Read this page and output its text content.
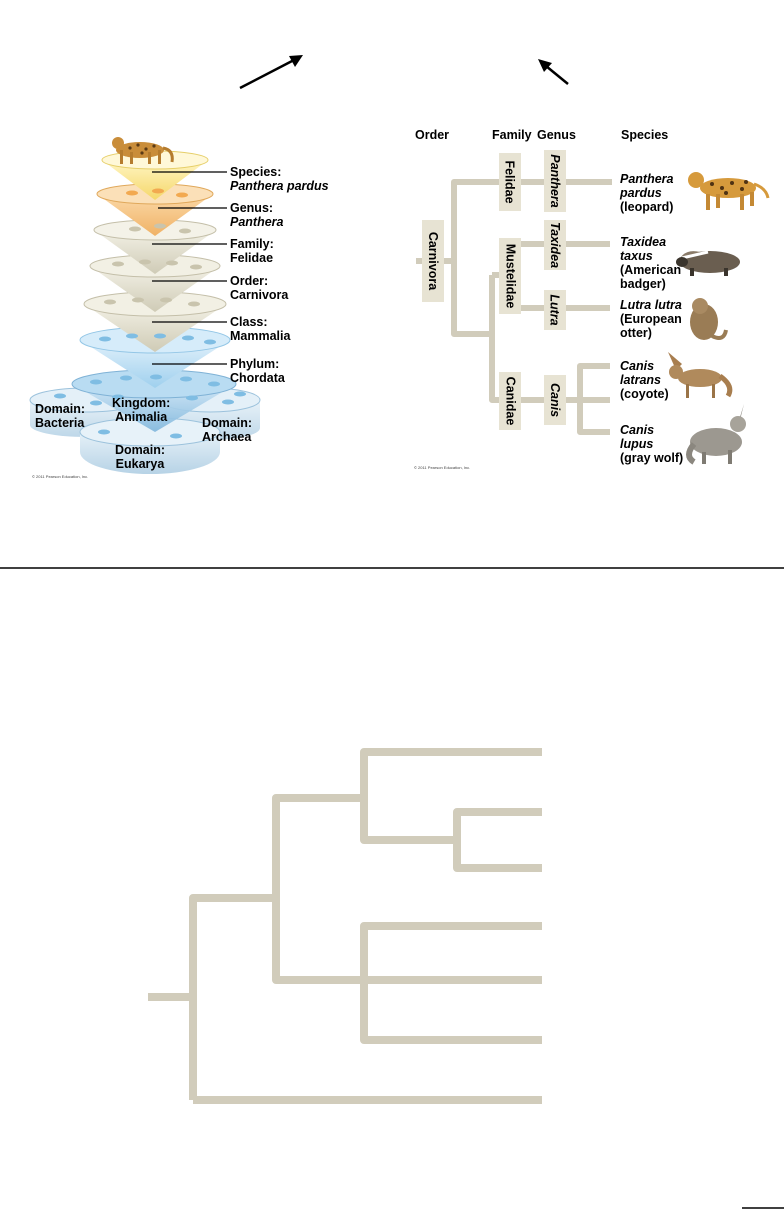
Species:
Panthera pardus
Genus:
Panthera
Family:
Felidae
Order:
Carnivora
Class:
Mammalia
Phylum:
Chordata
Domain:
Bacteria
Kingdom:
Animalia	Domain:
Archaea
Domain:
Eukarya
© 2011 Pearson Education, Inc.
Order	Family Genus	Species
Carnivora
Felidae
Mustelidae
Canidae
Panthera
Taxidea
Lutra
Canis
Panthera
pardus
(leopard)
Taxidea
taxus
(American
badger)
Lutra lutra
(European
otter)
Canis
latrans
(coyote)
Canis
lupus
(gray wolf)
© 2011 Pearson Education, Inc.
